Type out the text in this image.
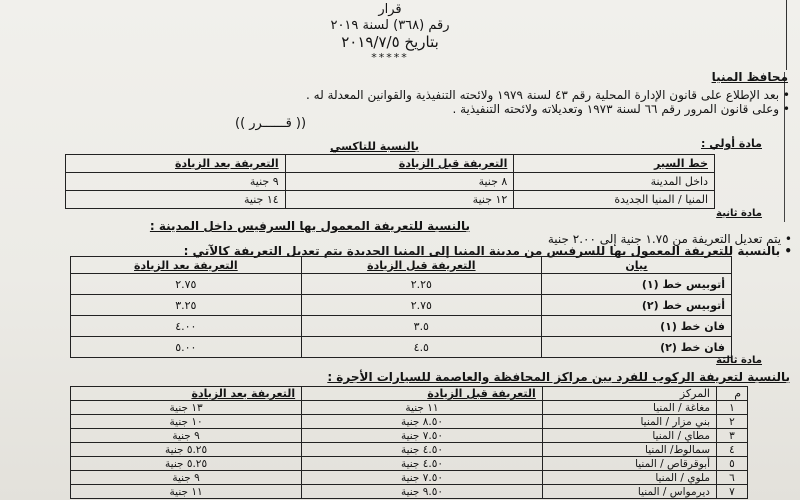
قرار
رقم (٣٦٨) لسنة ٢٠١٩
بتاريخ ٢٠١٩/٧/٥
*****
محافظ المنيا
• بعد الإطلاع على قانون الإدارة المحلية رقم ٤٣ لسنة ١٩٧٩ ولائحته التنفيذية والقوانين المعدلة له .
• وعلى قانون المرور رقم ٦٦ لسنة ١٩٧٣ وتعديلاته ولائحته التنفيذية .
(( قــــــرر ))
مادة أولي :
بالنسبة للتاكسي
خط السير	التعريفة قبل الزيادة	التعريفة بعد الزيادة
داخل المدينة	٨ جنية	٩ جنية
المنيا / المنيا الجديدة	١٢ جنية	١٤ جنية
مادة ثانية
بالنسبة للتعريفة المعمول بها السرفيس داخل المدينة :
• يتم تعديل التعريفة من ١.٧٥ جنية إلى ٢.٠٠ جنية
• بالنسبة للتعريفة المعمول بها للسرفيس من مدينة المنيا إلى المنيا الجديدة يتم تعديل التعريفة كالآتي :
بيان	التعريفة قبل الزيادة	التعريفة بعد الزيادة
أتوبيس خط (١)	٢.٢٥	٢.٧٥
أتوبيس خط (٢)	٢.٧٥	٣.٢٥
فان خط (١)	٣.٥	٤.٠٠
فان خط (٢)	٤.٥	٥.٠٠
مادة ثالثة
بالنسبة لتعريفة الركوب للفرد بين مراكز المحافظة والعاصمة للسيارات الأجرة :
م	المركز	التعريفة قبل الزيادة	التعريفة بعد الزيادة
١	مغاغة / المنيا	١١ جنية	١٣ جنية
٢	بني مزار / المنيا	٨.٥٠ جنية	١٠ جنية
٣	مطاي / المنيا	٧.٥٠ جنية	٩ جنية
٤	سمالوط/ المنيا	٤.٥٠ جنية	٥.٢٥ جنية
٥	أبوقرقاص / المنيا	٤.٥٠ جنية	٥.٢٥ جنية
٦	ملوي / المنيا	٧.٥٠ جنية	٩ جنية
٧	ديرمواس / المنيا	٩.٥٠ جنية	١١ جنية
